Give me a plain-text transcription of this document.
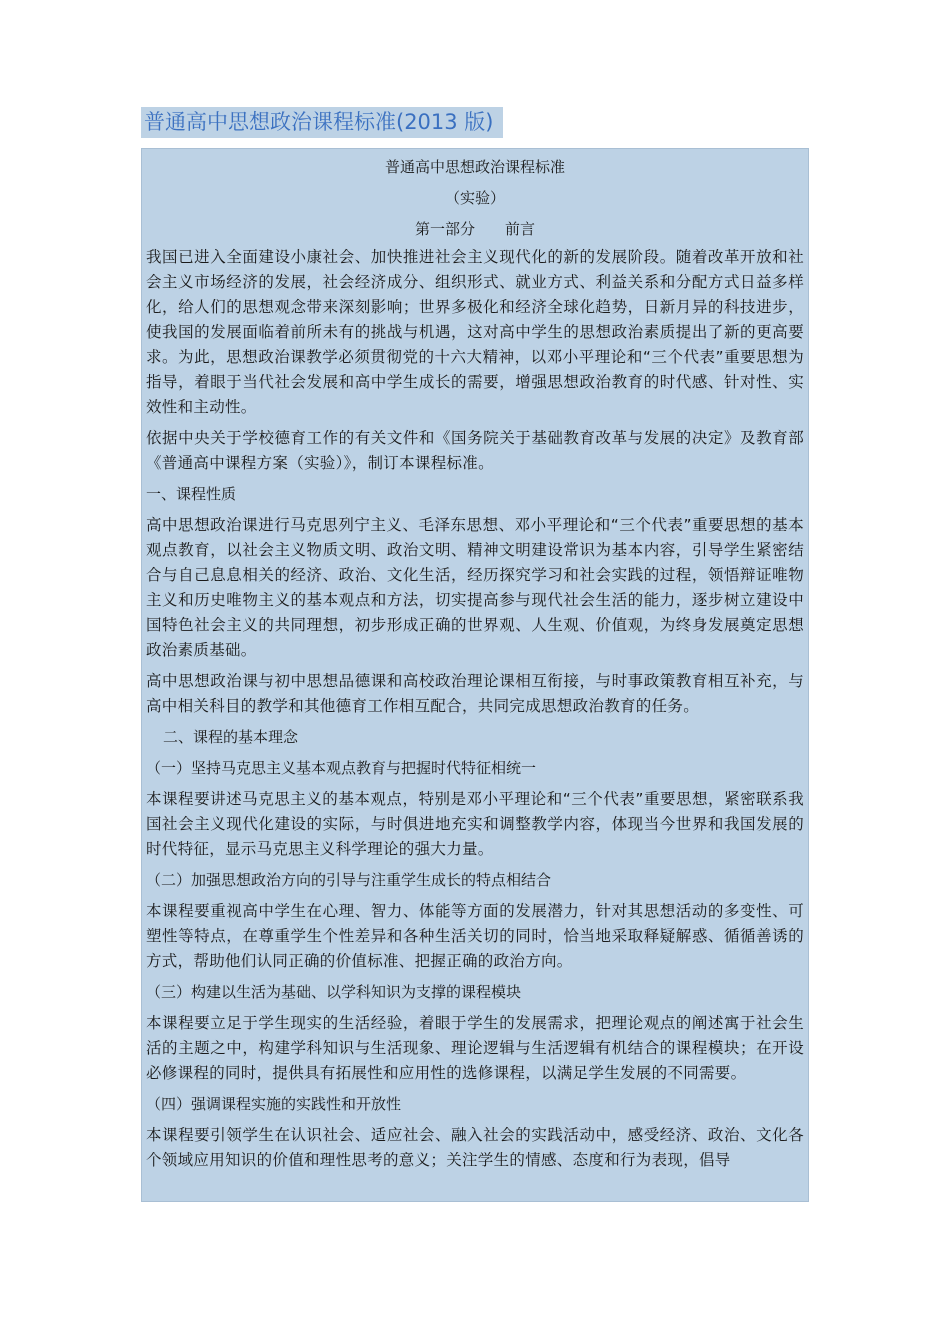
普通高中思想政治课程标准(2013 版)

普通高中思想政治课程标准

（实验）

第一部分　　前言

我国已进入全面建设小康社会、加快推进社会主义现代化的新的发展阶段。随着改革开放和社会主义市场经济的发展，社会经济成分、组织形式、就业方式、利益关系和分配方式日益多样化，给人们的思想观念带来深刻影响；世界多极化和经济全球化趋势，日新月异的科技进步，使我国的发展面临着前所未有的挑战与机遇，这对高中学生的思想政治素质提出了新的更高要求。为此，思想政治课教学必须贯彻党的十六大精神，以邓小平理论和“三个代表”重要思想为指导，着眼于当代社会发展和高中学生成长的需要，增强思想政治教育的时代感、针对性、实效性和主动性。

依据中央关于学校德育工作的有关文件和《国务院关于基础教育改革与发展的决定》及教育部《普通高中课程方案（实验）》，制订本课程标准。

一、课程性质

高中思想政治课进行马克思列宁主义、毛泽东思想、邓小平理论和“三个代表”重要思想的基本观点教育，以社会主义物质文明、政治文明、精神文明建设常识为基本内容，引导学生紧密结合与自己息息相关的经济、政治、文化生活，经历探究学习和社会实践的过程，领悟辩证唯物主义和历史唯物主义的基本观点和方法，切实提高参与现代社会生活的能力，逐步树立建设中国特色社会主义的共同理想，初步形成正确的世界观、人生观、价值观，为终身发展奠定思想政治素质基础。

高中思想政治课与初中思想品德课和高校政治理论课相互衔接，与时事政策教育相互补充，与高中相关科目的教学和其他德育工作相互配合，共同完成思想政治教育的任务。

二、课程的基本理念

（一）坚持马克思主义基本观点教育与把握时代特征相统一

本课程要讲述马克思主义的基本观点，特别是邓小平理论和“三个代表”重要思想，紧密联系我国社会主义现代化建设的实际，与时俱进地充实和调整教学内容，体现当今世界和我国发展的时代特征，显示马克思主义科学理论的强大力量。

（二）加强思想政治方向的引导与注重学生成长的特点相结合

本课程要重视高中学生在心理、智力、体能等方面的发展潜力，针对其思想活动的多变性、可塑性等特点，在尊重学生个性差异和各种生活关切的同时，恰当地采取释疑解惑、循循善诱的方式，帮助他们认同正确的价值标准、把握正确的政治方向。

（三）构建以生活为基础、以学科知识为支撑的课程模块

本课程要立足于学生现实的生活经验，着眼于学生的发展需求，把理论观点的阐述寓于社会生活的主题之中，构建学科知识与生活现象、理论逻辑与生活逻辑有机结合的课程模块；在开设必修课程的同时，提供具有拓展性和应用性的选修课程，以满足学生发展的不同需要。

（四）强调课程实施的实践性和开放性

本课程要引领学生在认识社会、适应社会、融入社会的实践活动中，感受经济、政治、文化各个领域应用知识的价值和理性思考的意义；关注学生的情感、态度和行为表现，倡导
